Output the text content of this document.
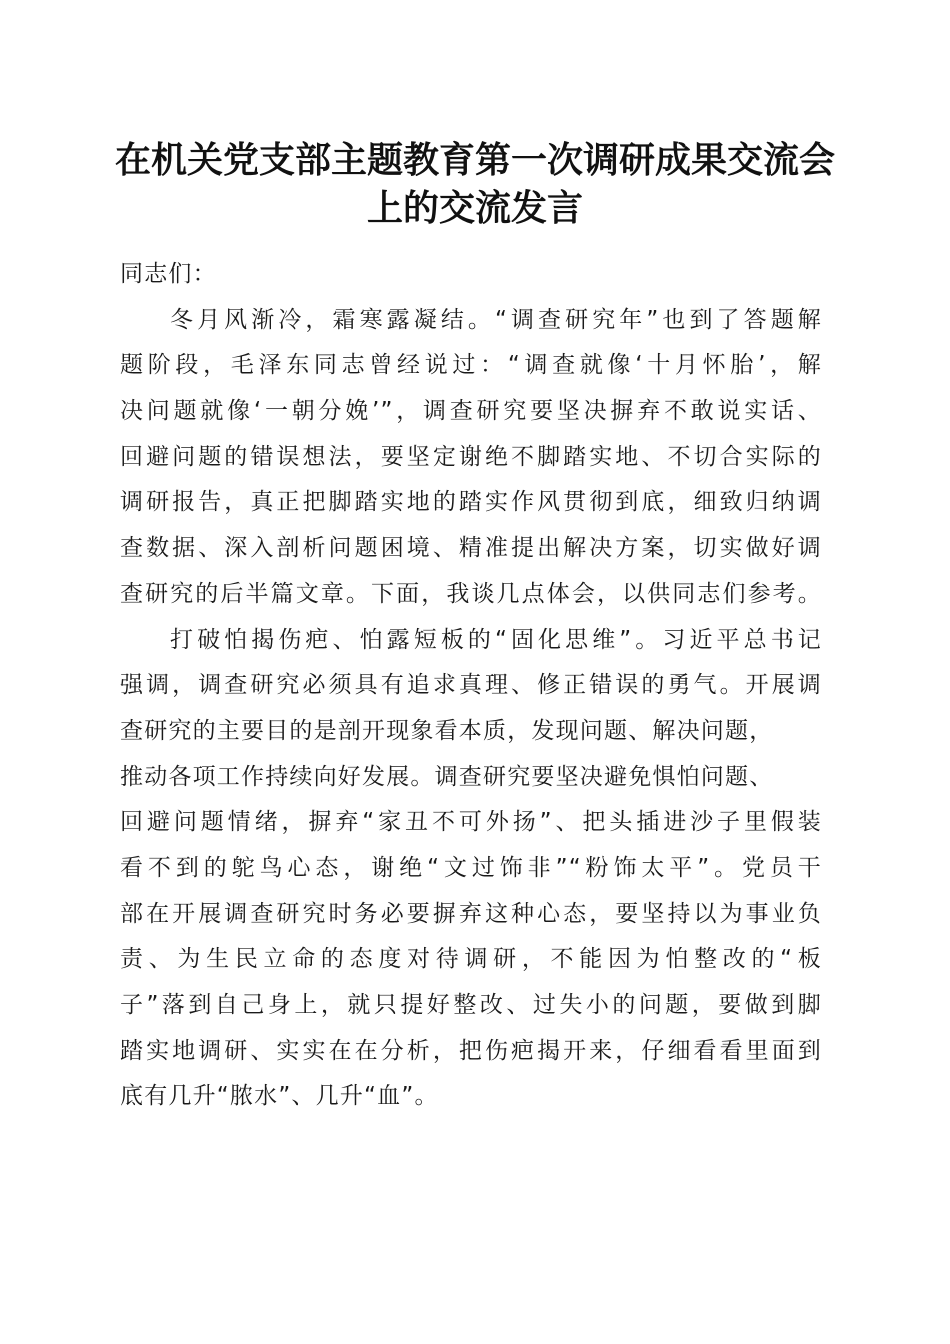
在机关党支部主题教育第一次调研成果交流会
上的交流发言
同志们：
冬月风渐冷，霜寒露凝结。“调查研究年”也到了答题解
题阶段，毛泽东同志曾经说过：“调查就像‘十月怀胎’，解
决问题就像‘一朝分娩’”，调查研究要坚决摒弃不敢说实话、
回避问题的错误想法，要坚定谢绝不脚踏实地、不切合实际的
调研报告，真正把脚踏实地的踏实作风贯彻到底，细致归纳调
查数据、深入剖析问题困境、精准提出解决方案，切实做好调
查研究的后半篇文章。下面，我谈几点体会，以供同志们参考。
打破怕揭伤疤、怕露短板的“固化思维”。习近平总书记
强调，调查研究必须具有追求真理、修正错误的勇气。开展调
查研究的主要目的是剖开现象看本质，发现问题、解决问题，
推动各项工作持续向好发展。调查研究要坚决避免惧怕问题、
回避问题情绪，摒弃“家丑不可外扬”、把头插进沙子里假装
看不到的鸵鸟心态，谢绝“文过饰非”“粉饰太平”。党员干
部在开展调查研究时务必要摒弃这种心态，要坚持以为事业负
责、为生民立命的态度对待调研，不能因为怕整改的“板
子”落到自己身上，就只提好整改、过失小的问题，要做到脚
踏实地调研、实实在在分析，把伤疤揭开来，仔细看看里面到
底有几升“脓水”、几升“血”。
